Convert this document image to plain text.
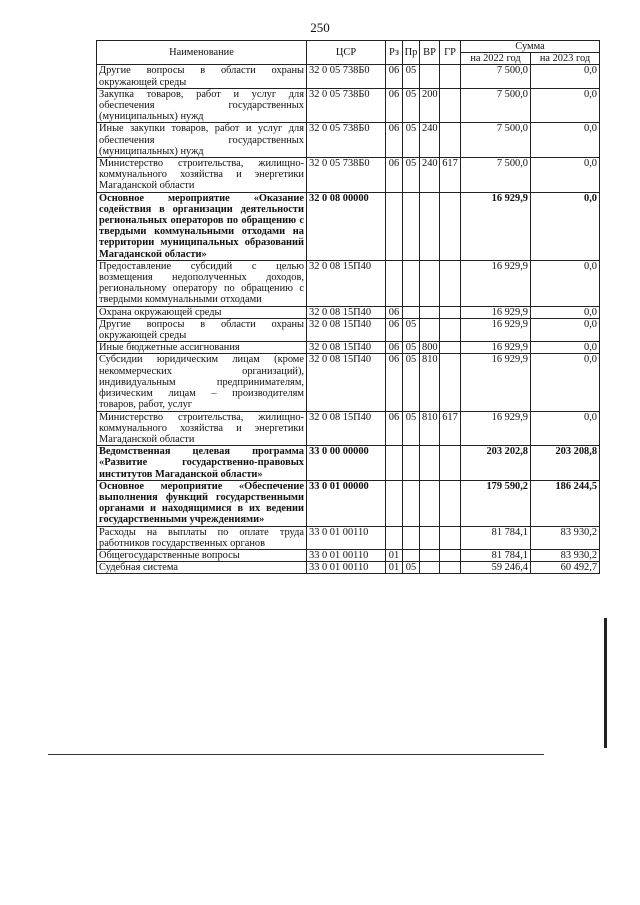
250
Наименование	ЦСР	Рз	Пр	ВР	ГР	Сумма	
						на 2022 год	на 2023 год
Другие вопросы в области охраны окружающей среды	32 0 05 738Б0	06	05			7 500,0	0,0
Закупка товаров, работ и услуг для обеспечения государственных (муниципальных) нужд	32 0 05 738Б0	06	05	200		7 500,0	0,0
Иные закупки товаров, работ и услуг для обеспечения государственных (муниципальных) нужд	32 0 05 738Б0	06	05	240		7 500,0	0,0
Министерство строительства, жилищно-коммунального хозяйства и энергетики Магаданской области	32 0 05 738Б0	06	05	240	617	7 500,0	0,0
Основное мероприятие «Оказание содействия в организации деятельности региональных операторов по обращению с твердыми коммунальными отходами на территории муниципальных образований Магаданской области»	32 0 08 00000					16 929,9	0,0
Предоставление субсидий с целью возмещения недополученных доходов, региональному оператору по обращению с твердыми коммунальными отходами	32 0 08 15П40					16 929,9	0,0
Охрана окружающей среды	32 0 08 15П40	06				16 929,9	0,0
Другие вопросы в области охраны окружающей среды	32 0 08 15П40	06	05			16 929,9	0,0
Иные бюджетные ассигнования	32 0 08 15П40	06	05	800		16 929,9	0,0
Субсидии юридическим лицам (кроме некоммерческих организаций), индивидуальным предпринимателям, физическим лицам – производителям товаров, работ, услуг	32 0 08 15П40	06	05	810		16 929,9	0,0
Министерство строительства, жилищно-коммунального хозяйства и энергетики Магаданской области	32 0 08 15П40	06	05	810	617	16 929,9	0,0
Ведомственная целевая программа «Развитие государственно-правовых институтов Магаданской области»	33 0 00 00000					203 202,8	203 208,8
Основное мероприятие «Обеспечение выполнения функций государственными органами и находящимися в их ведении государственными учреждениями»	33 0 01 00000					179 590,2	186 244,5
Расходы на выплаты по оплате труда работников государственных органов	33 0 01 00110					81 784,1	83 930,2
Общегосударственные вопросы	33 0 01 00110	01				81 784,1	83 930,2
Судебная система	33 0 01 00110	01	05			59 246,4	60 492,7
